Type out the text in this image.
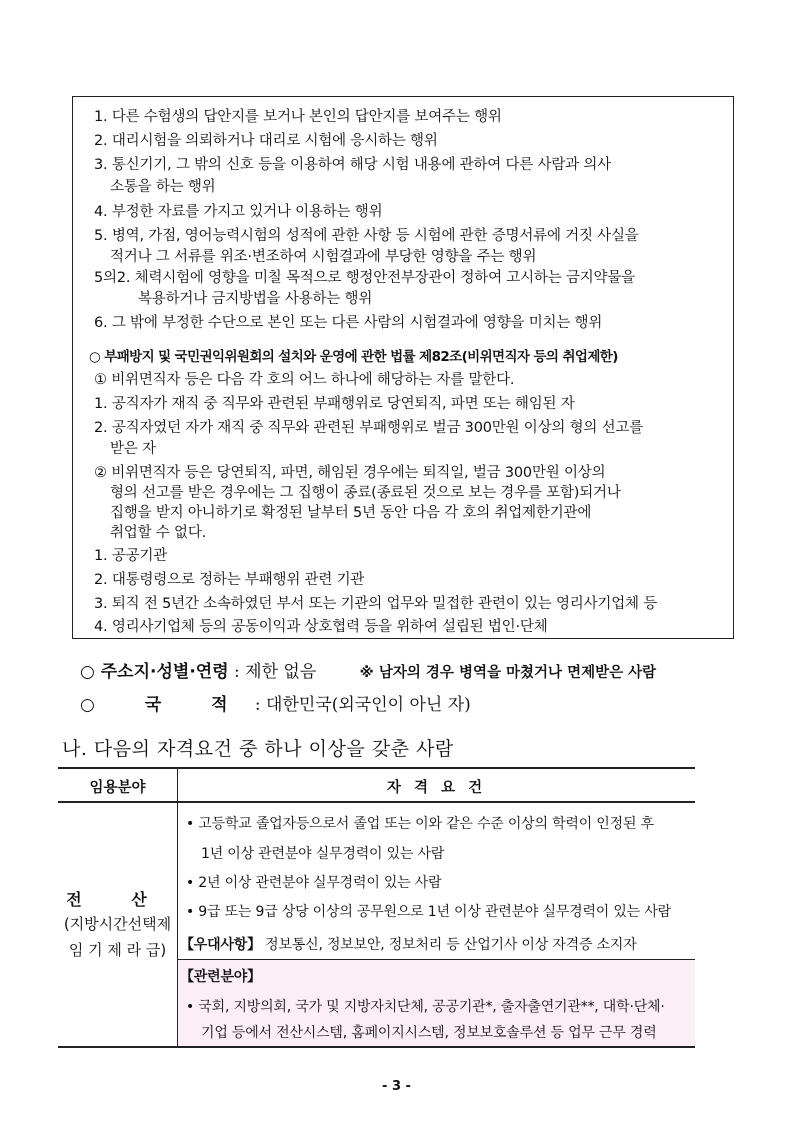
1. 다른 수험생의 답안지를 보거나 본인의 답안지를 보여주는 행위
2. 대리시험을 의뢰하거나 대리로 시험에 응시하는 행위
3. 통신기기, 그 밖의 신호 등을 이용하여 해당 시험 내용에 관하여 다른 사람과 의사
소통을 하는 행위
4. 부정한 자료를 가지고 있거나 이용하는 행위
5. 병역, 가점, 영어능력시험의 성적에 관한 사항 등 시험에 관한 증명서류에 거짓 사실을
적거나 그 서류를 위조·변조하여 시험결과에 부당한 영향을 주는 행위
5의2. 체력시험에 영향을 미칠 목적으로 행정안전부장관이 정하여 고시하는 금지약물을
복용하거나 금지방법을 사용하는 행위
6. 그 밖에 부정한 수단으로 본인 또는 다른 사람의 시험결과에 영향을 미치는 행위
○ 부패방지 및 국민권익위원회의 설치와 운영에 관한 법률 제82조(비위면직자 등의 취업제한)
① 비위면직자 등은 다음 각 호의 어느 하나에 해당하는 자를 말한다.
1. 공직자가 재직 중 직무와 관련된 부패행위로 당연퇴직, 파면 또는 해임된 자
2. 공직자였던 자가 재직 중 직무와 관련된 부패행위로 벌금 300만원 이상의 형의 선고를
받은 자
② 비위면직자 등은 당연퇴직, 파면, 해임된 경우에는 퇴직일, 벌금 300만원 이상의
형의 선고를 받은 경우에는 그 집행이 종료(종료된 것으로 보는 경우를 포함)되거나
집행을 받지 아니하기로 확정된 날부터 5년 동안 다음 각 호의 취업제한기관에
취업할 수 없다.
1. 공공기관
2. 대통령령으로 정하는 부패행위 관련 기관
3. 퇴직 전 5년간 소속하였던 부서 또는 기관의 업무와 밀접한 관련이 있는 영리사기업체 등
4. 영리사기업체 등의 공동이익과 상호협력 등을 위하여 설립된 법인·단체
○ 주소지·성별·연령 : 제한 없음	※ 남자의 경우 병역을 마쳤거나 면제받은 사람
○ 국 적 : 대한민국(외국인이 아닌 자)
나. 다음의 자격요건 중 하나 이상을 갖춘 사람
임용분야	자 격 요 건
전 산
(지방시간선택제
임 기 제 라 급)
• 고등학교 졸업자등으로서 졸업 또는 이와 같은 수준 이상의 학력이 인정된 후
1년 이상 관련분야 실무경력이 있는 사람
• 2년 이상 관련분야 실무경력이 있는 사람
• 9급 또는 9급 상당 이상의 공무원으로 1년 이상 관련분야 실무경력이 있는 사람
【우대사항】 정보통신, 정보보안, 정보처리 등 산업기사 이상 자격증 소지자
【관련분야】
• 국회, 지방의회, 국가 및 지방자치단체, 공공기관*, 출자출연기관**, 대학·단체·
기업 등에서 전산시스템, 홈페이지시스템, 정보보호솔루션 등 업무 근무 경력
- 3 -
